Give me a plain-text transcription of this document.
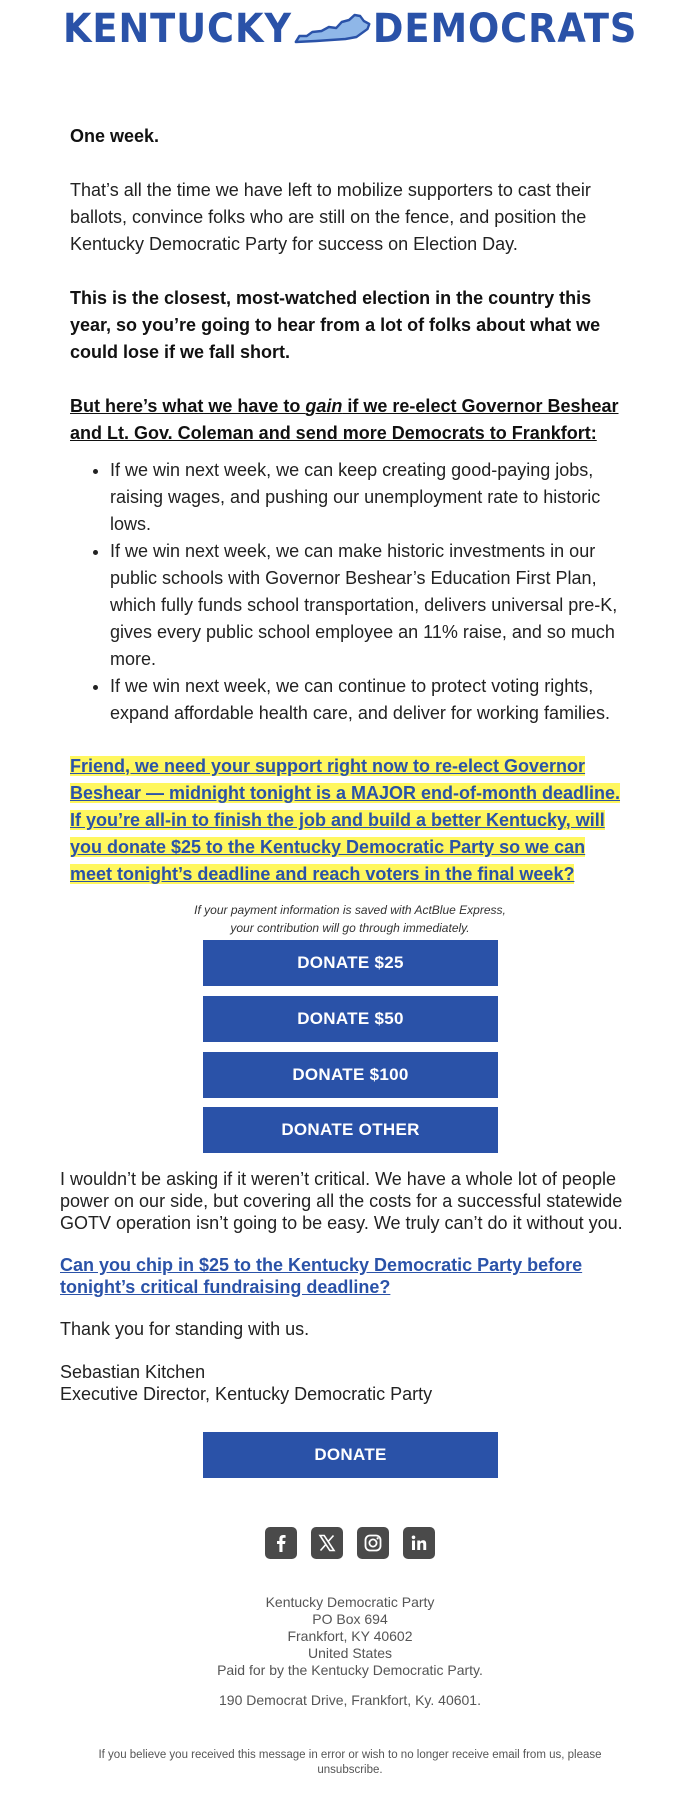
KENTUCKY DEMOCRATS

One week.

That’s all the time we have left to mobilize supporters to cast their ballots, convince folks who are still on the fence, and position the Kentucky Democratic Party for success on Election Day.

This is the closest, most-watched election in the country this year, so you’re going to hear from a lot of folks about what we could lose if we fall short.

But here’s what we have to gain if we re-elect Governor Beshear and Lt. Gov. Coleman and send more Democrats to Frankfort:

• If we win next week, we can keep creating good-paying jobs, raising wages, and pushing our unemployment rate to historic lows.
• If we win next week, we can make historic investments in our public schools with Governor Beshear’s Education First Plan, which fully funds school transportation, delivers universal pre-K, gives every public school employee an 11% raise, and so much more.
• If we win next week, we can continue to protect voting rights, expand affordable health care, and deliver for working families.
Friend, we need your support right now to re-elect Governor Beshear — midnight tonight is a MAJOR end-of-month deadline. If you’re all-in to finish the job and build a better Kentucky, will you donate $25 to the Kentucky Democratic Party so we can meet tonight’s deadline and reach voters in the final week?
If your payment information is saved with ActBlue Express,
your contribution will go through immediately.
DONATE $25
DONATE $50
DONATE $100
DONATE OTHER
I wouldn’t be asking if it weren’t critical. We have a whole lot of people power on our side, but covering all the costs for a successful statewide GOTV operation isn’t going to be easy. We truly can’t do it without you.
Can you chip in $25 to the Kentucky Democratic Party before tonight’s critical fundraising deadline?
Thank you for standing with us.
Sebastian Kitchen
Executive Director, Kentucky Democratic Party
DONATE
Kentucky Democratic Party
PO Box 694
Frankfort, KY 40602
United States
Paid for by the Kentucky Democratic Party.
190 Democrat Drive, Frankfort, Ky. 40601.
If you believe you received this message in error or wish to no longer receive email from us, please unsubscribe.
